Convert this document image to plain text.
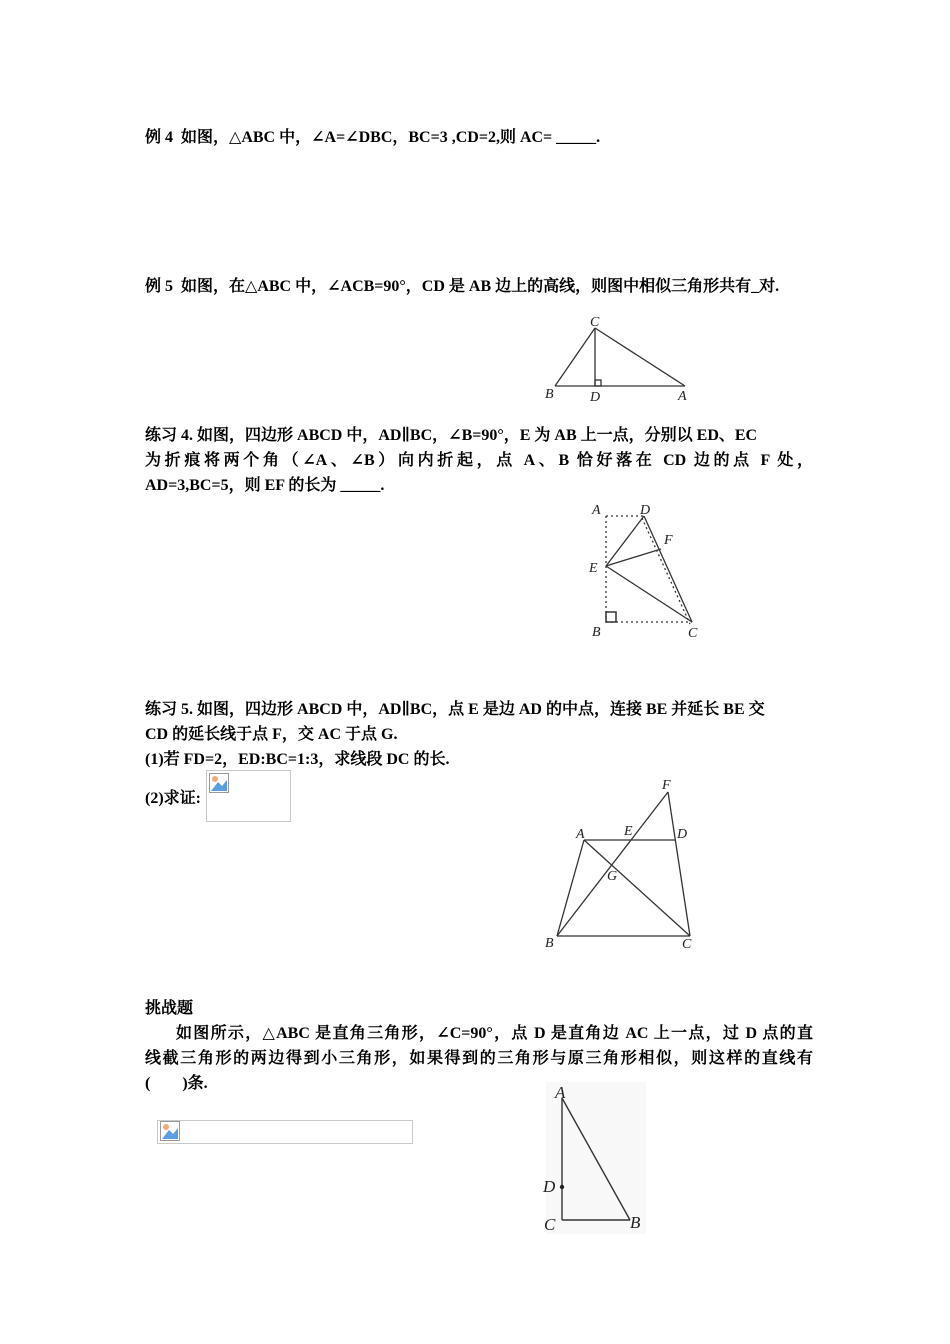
例 4 如图，△ABC 中，∠A=∠DBC，BC=3 ,CD=2,则 AC= _____.
例 5 如图，在△ABC 中，∠ACB=90°，CD 是 AB 边上的高线，则图中相似三角形共有_对.
C
B	D	A
练习 4. 如图，四边形 ABCD 中，AD∥BC，∠B=90°，E 为 AB 上一点，分别以 ED、EC
为折痕将两个角（∠A、∠B）向内折起，点 A、B 恰好落在 CD 边的点 F 处，
AD=3,BC=5，则 EF 的长为 _____.
A	D
F
E
B	C
练习 5. 如图，四边形 ABCD 中，AD∥BC，点 E 是边 AD 的中点，连接 BE 并延长 BE 交
CD 的延长线于点 F，交 AC 于点 G.
(1)若 FD=2，ED:BC=1:3，求线段 DC 的长.
(2)求证:
F
A	E	D
G
B	C
挑战题
如图所示，△ABC 是直角三角形，∠C=90°，点 D 是直角边 AC 上一点，过 D 点的直
线截三角形的两边得到小三角形，如果得到的三角形与原三角形相似，则这样的直线有
(　　)条.	A
D
C	B
